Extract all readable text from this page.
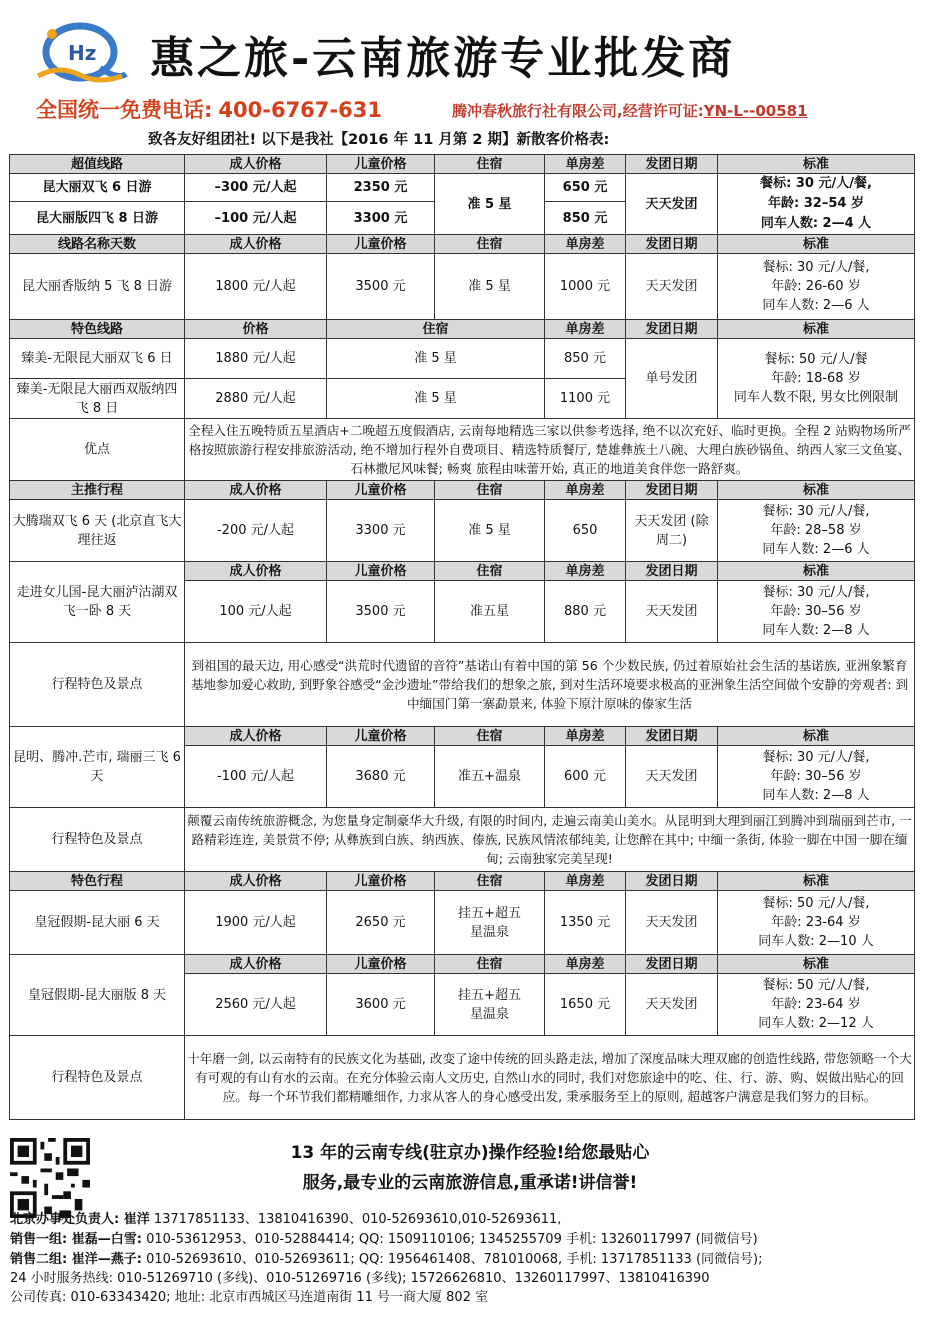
Hz 惠之旅-云南旅游专业批发商
全国统一免费电话: 400-6767-631	腾冲春秋旅行社有限公司,经营许可证:YN-L--00581
致各友好组团社! 以下是我社【2016 年 11 月第 2 期】新散客价格表:
超值线路	成人价格	儿童价格	住宿	单房差	发团日期	标准
昆大丽双飞 6 日游	–300 元/人起	2350 元	准 5 星	650 元	天天发团	餐标: 30 元/人/餐,
年龄: 32–54 岁
同车人数: 2—4 人

昆大丽版四飞 8 日游	–100 元/人起	3300 元		850 元		
线路名称天数	成人价格	儿童价格	住宿	单房差	发团日期	标准
昆大丽香版纳 5 飞 8 日游	1800 元/人起	3500 元	准 5 星	1000 元	天天发团	餐标: 30 元/人/餐,
年龄: 26-60 岁
同车人数: 2—6 人

特色线路	价格	住宿		单房差	发团日期	标准
臻美-无限昆大丽双飞 6 日	1880 元/人起	准 5 星		850 元	单号发团	餐标: 50 元/人/餐
年龄: 18-68 岁
同车人数不限, 男女比例限制

臻美-无限昆大丽西双版纳四飞 8 日	2880 元/人起	准 5 星		1100 元		
优点	全程入住五晚特质五星酒店+二晚超五度假酒店, 云南每地精选三家以供参考选择, 绝不以次充好、临时更换。全程 2 站购物场所严格按照旅游行程安排旅游活动, 绝不增加行程外自费项目、精选特质餐厅, 楚雄彝族土八碗、大理白族砂锅鱼、纳西人家三文鱼宴、石林撒尼风味餐; 畅爽 旅程由味蕾开始, 真正的地道美食伴您一路舒爽。					
主推行程	成人价格	儿童价格	住宿	单房差	发团日期	标准
大腾瑞双飞 6 天 (北京直飞大理往返	-200 元/人起	3300 元	准 5 星	650	天天发团 (除周二)	餐标: 30 元/人/餐,
年龄: 28–58 岁
同车人数: 2—6 人

走进女儿国-昆大丽泸沽湖双飞一卧 8 天	成人价格	儿童价格	住宿	单房差	发团日期	标准
	100 元/人起	3500 元	准五星	880 元	天天发团	餐标: 30 元/人/餐,
年龄: 30–56 岁
同车人数: 2—8 人

行程特色及景点	到祖国的最天边, 用心感受“洪荒时代遗留的音符”基诺山有着中国的第 56 个少数民族, 仍过着原始社会生活的基诺族, 亚洲象繁育基地参加爱心救助, 到野象谷感受“金沙遗址”带给我们的想象之旅, 到对生活环境要求极高的亚洲象生活空间做个安静的旁观者: 到中缅国门第一寨勐景来, 体验下原汁原味的傣家生活					
昆明、腾冲.芒市, 瑞丽三飞 6 天	成人价格	儿童价格	住宿	单房差	发团日期	标准
	-100 元/人起	3680 元	准五+温泉	600 元	天天发团	餐标: 30 元/人/餐,
年龄: 30–56 岁
同车人数: 2—8 人

行程特色及景点	颠覆云南传统旅游概念, 为您量身定制豪华大升级, 有限的时间内, 走遍云南美山美水。从昆明到大理到丽江到腾冲到瑞丽到芒市, 一路精彩连连, 美景赏不停; 从彝族到白族、纳西族、傣族, 民族风情浓郁纯美, 让您醉在其中; 中缅一条街, 体验一脚在中国一脚在缅甸; 云南独家完美呈现!					
特色行程	成人价格	儿童价格	住宿	单房差	发团日期	标准
皇冠假期-昆大丽 6 天	1900 元/人起	2650 元	挂五+超五星温泉	1350 元	天天发团	餐标: 50 元/人/餐,
年龄: 23-64 岁
同车人数: 2—10 人

皇冠假期-昆大丽版 8 天	成人价格	儿童价格	住宿	单房差	发团日期	标准
	2560 元/人起	3600 元	挂五+超五星温泉	1650 元	天天发团	餐标: 50 元/人/餐,
年龄: 23-64 岁
同车人数: 2—12 人

行程特色及景点	十年磨一剑, 以云南特有的民族文化为基础, 改变了途中传统的回头路走法, 增加了深度品味大理双廊的创造性线路, 带您领略一个大有可观的有山有水的云南。在充分体验云南人文历史, 自然山水的同时, 我们对您旅途中的吃、住、行、游、购、娱做出贴心的回应。每一个环节我们都精雕细作, 力求从客人的身心感受出发, 秉承服务至上的原则, 超越客户满意是我们努力的目标。					
13 年的云南专线(驻京办)操作经验!给您最贴心
服务,最专业的云南旅游信息,重承诺!讲信誉!
北京办事处负责人: 崔洋 13717851133、13810416390、010-52693610,010-52693611,
销售一组: 崔磊—白雪: 010-53612953、010-52884414; QQ: 1509110106; 1345255709 手机: 13260117997 (同微信号)
销售二组: 崔洋—燕子: 010-52693610、010-52693611; QQ: 1956461408、781010068, 手机: 13717851133 (同微信号);
24 小时服务热线: 010-51269710 (多线)、010-51269716 (多线); 15726626810、13260117997、13810416390
公司传真: 010-63343420; 地址: 北京市西城区马连道南街 11 号一商大厦 802 室
